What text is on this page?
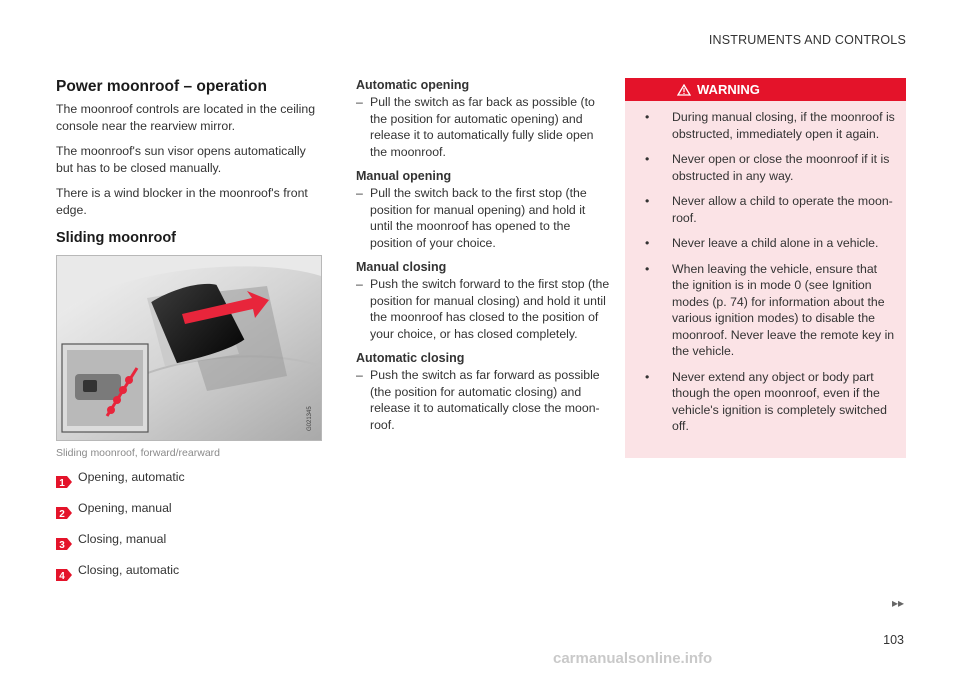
INSTRUMENTS AND CONTROLS
Power moonroof – operation

The moonroof controls are located in the ceiling console near the rearview mirror.

The moonroof's sun visor opens automatically but has to be closed manually.

There is a wind blocker in the moonroof's front edge.

Sliding moonroof
G021345
Sliding moonroof, forward/rearward
1 Opening, automatic
2 Opening, manual
3 Closing, manual
4 Closing, automatic
Automatic opening
– Pull the switch as far back as possible (to the position for automatic opening) and release it to automatically fully slide open the moonroof.
Manual opening
– Pull the switch back to the first stop (the position for manual opening) and hold it until the moonroof has opened to the position of your choice.
Manual closing
– Push the switch forward to the first stop (the position for manual closing) and hold it until the moonroof has closed to the position of your choice, or has closed completely.
Automatic closing
– Push the switch as far forward as possible (the position for automatic closing) and release it to automatically close the moon-roof.
WARNING
• During manual closing, if the moonroof is obstructed, immediately open it again.
• Never open or close the moonroof if it is obstructed in any way.
• Never allow a child to operate the moon-roof.
• Never leave a child alone in a vehicle.
• When leaving the vehicle, ensure that the ignition is in mode 0 (see Ignition modes (p. 74) for information about the various ignition modes) to disable the moonroof. Never leave the remote key in the vehicle.
• Never extend any object or body part though the open moonroof, even if the vehicle's ignition is completely switched off.
▸▸
103
carmanualsonline.info
